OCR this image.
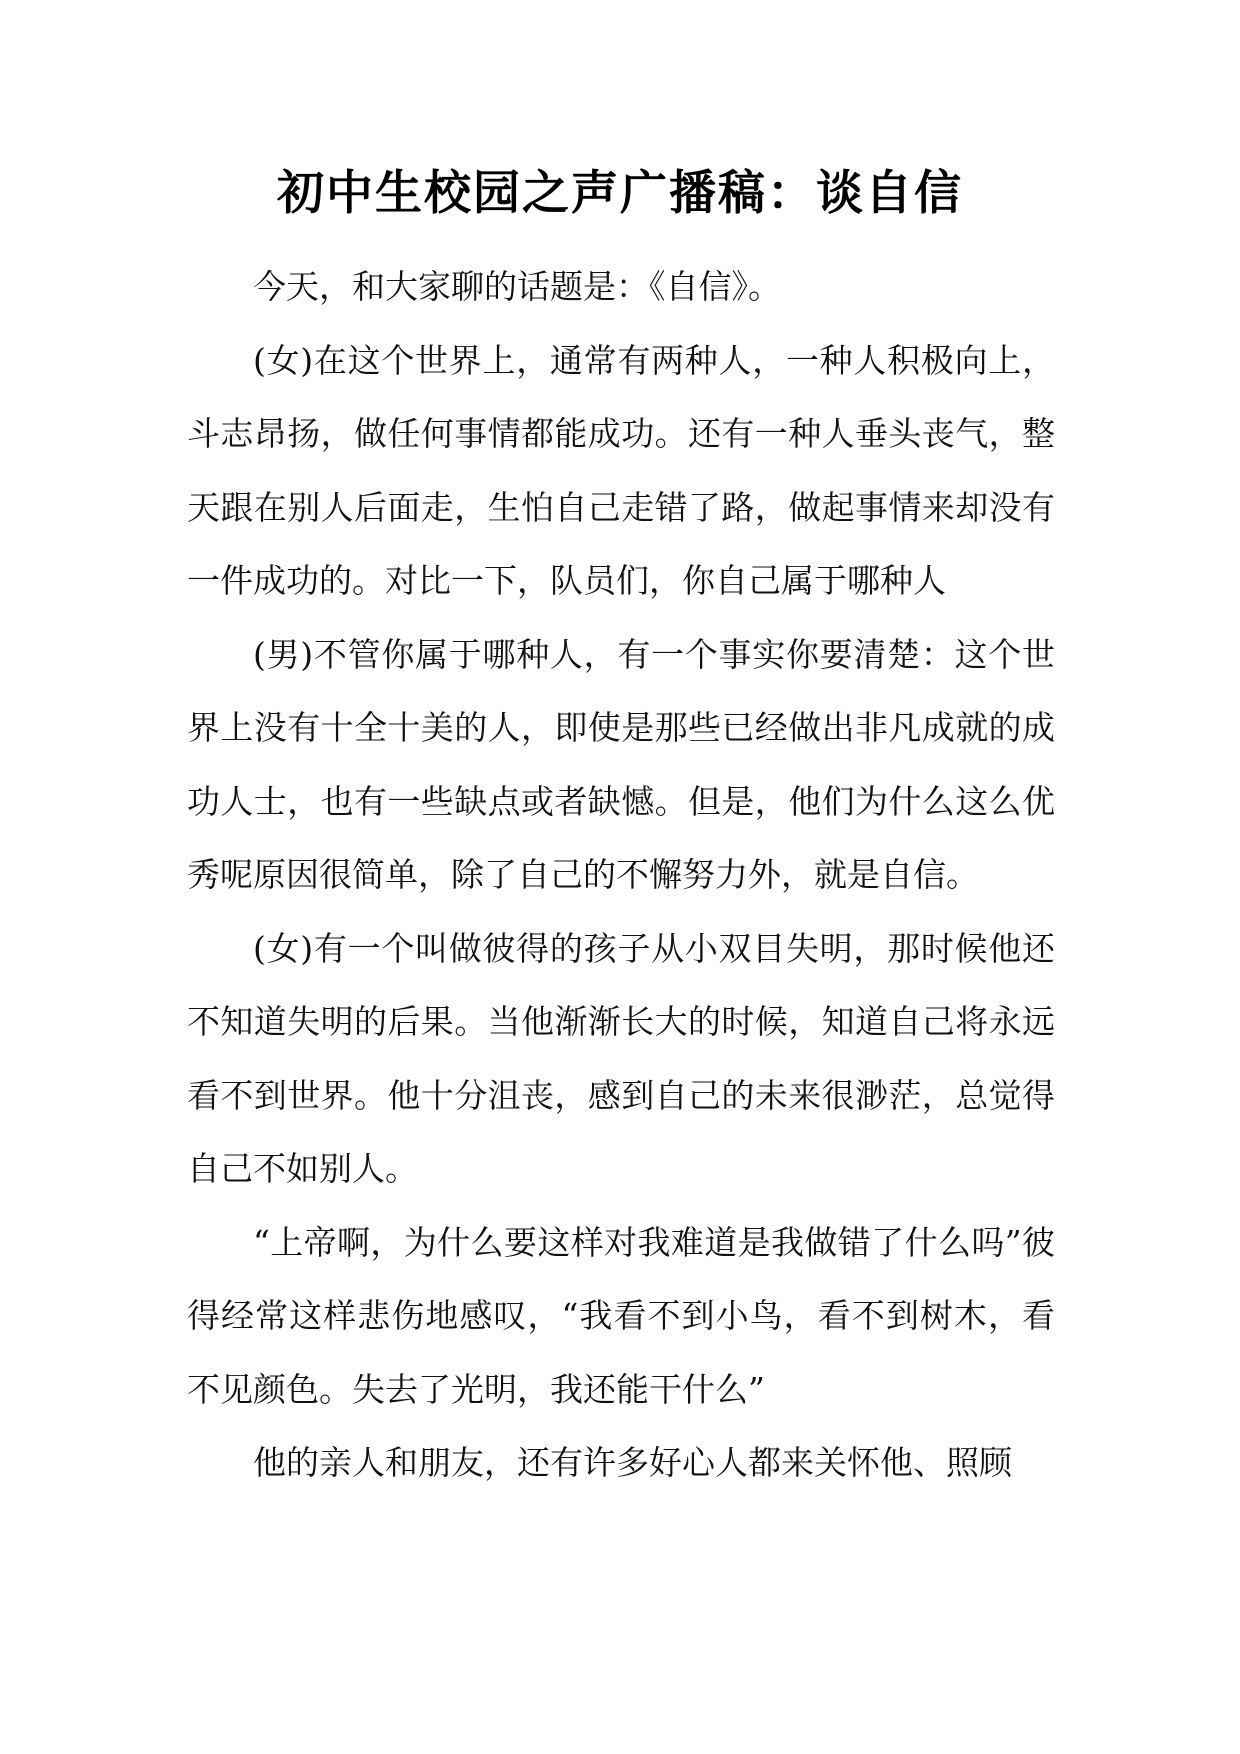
初中生校园之声广播稿：谈自信

今天，和大家聊的话题是：《自信》。

(女)在这个世界上，通常有两种人，一种人积极向上，斗志昂扬，做任何事情都能成功。还有一种人垂头丧气，整天跟在别人后面走，生怕自己走错了路，做起事情来却没有一件成功的。对比一下，队员们，你自己属于哪种人

(男)不管你属于哪种人，有一个事实你要清楚：这个世界上没有十全十美的人，即使是那些已经做出非凡成就的成功人士，也有一些缺点或者缺憾。但是，他们为什么这么优秀呢原因很简单，除了自己的不懈努力外，就是自信。

(女)有一个叫做彼得的孩子从小双目失明，那时候他还不知道失明的后果。当他渐渐长大的时候，知道自己将永远看不到世界。他十分沮丧，感到自己的未来很渺茫，总觉得自己不如别人。

“上帝啊，为什么要这样对我难道是我做错了什么吗”彼得经常这样悲伤地感叹，“我看不到小鸟，看不到树木，看不见颜色。失去了光明，我还能干什么”

他的亲人和朋友，还有许多好心人都来关怀他、照顾
